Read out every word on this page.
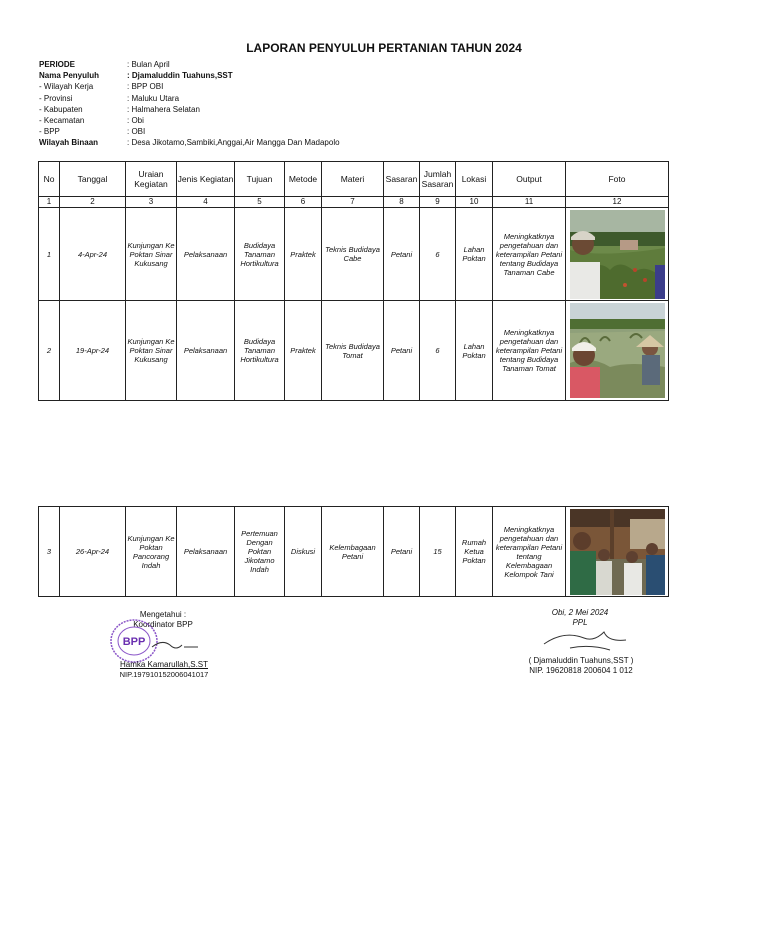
LAPORAN PENYULUH PERTANIAN TAHUN 2024
PERIODE	: Bulan April
Nama Penyuluh	: Djamaluddin Tuahuns,SST
- Wilayah Kerja	: BPP OBI
- Provinsi	: Maluku Utara
- Kabupaten	: Halmahera Selatan
- Kecamatan	: Obi
- BPP	: OBI
Wilayah Binaan	: Desa Jikotamo,Sambiki,Anggai,Air Mangga Dan Madapolo
No	Tanggal	Uraian Kegiatan	Jenis Kegiatan	Tujuan	Metode	Materi	Sasaran	Jumlah Sasaran	Lokasi	Output	Foto
1	2	3	4	5	6	7	8	9	10	11	12
1	4-Apr-24	Kunjungan Ke Poktan Sinar Kukusang	Pelaksanaan	Budidaya Tanaman Hortikultura	Praktek	Teknis Budidaya Cabe	Petani	6	Lahan Poktan	Meningkatknya pengetahuan dan keterampilan Petani tentang Budidaya Tanaman Cabe	

2	19-Apr-24	Kunjungan Ke Poktan Sinar Kukusang	Pelaksanaan	Budidaya Tanaman Hortikultura	Praktek	Teknis Budidaya Tomat	Petani	6	Lahan Poktan	Meningkatknya pengetahuan dan keterampilan Petani tentang Budidaya Tanaman Tomat	
3	26-Apr-24	Kunjungan Ke Poktan Pancorang Indah	Pelaksanaan	Pertemuan Dengan Poktan Jikotamo Indah	Diskusi	Kelembagaan Petani	Petani	15	Rumah Ketua Poktan	Meningkatknya pengetahuan dan keterampilan Petani tentang Kelembagaan Kelompok Tani	
Mengetahui :
Koordinator BPP
BPP
Hamka Kamarullah,S.ST
NIP.197910152006041017
Obi, 2 Mei 2024
PPL
( Djamaluddin Tuahuns,SST )
NIP. 19620818 200604 1 012
